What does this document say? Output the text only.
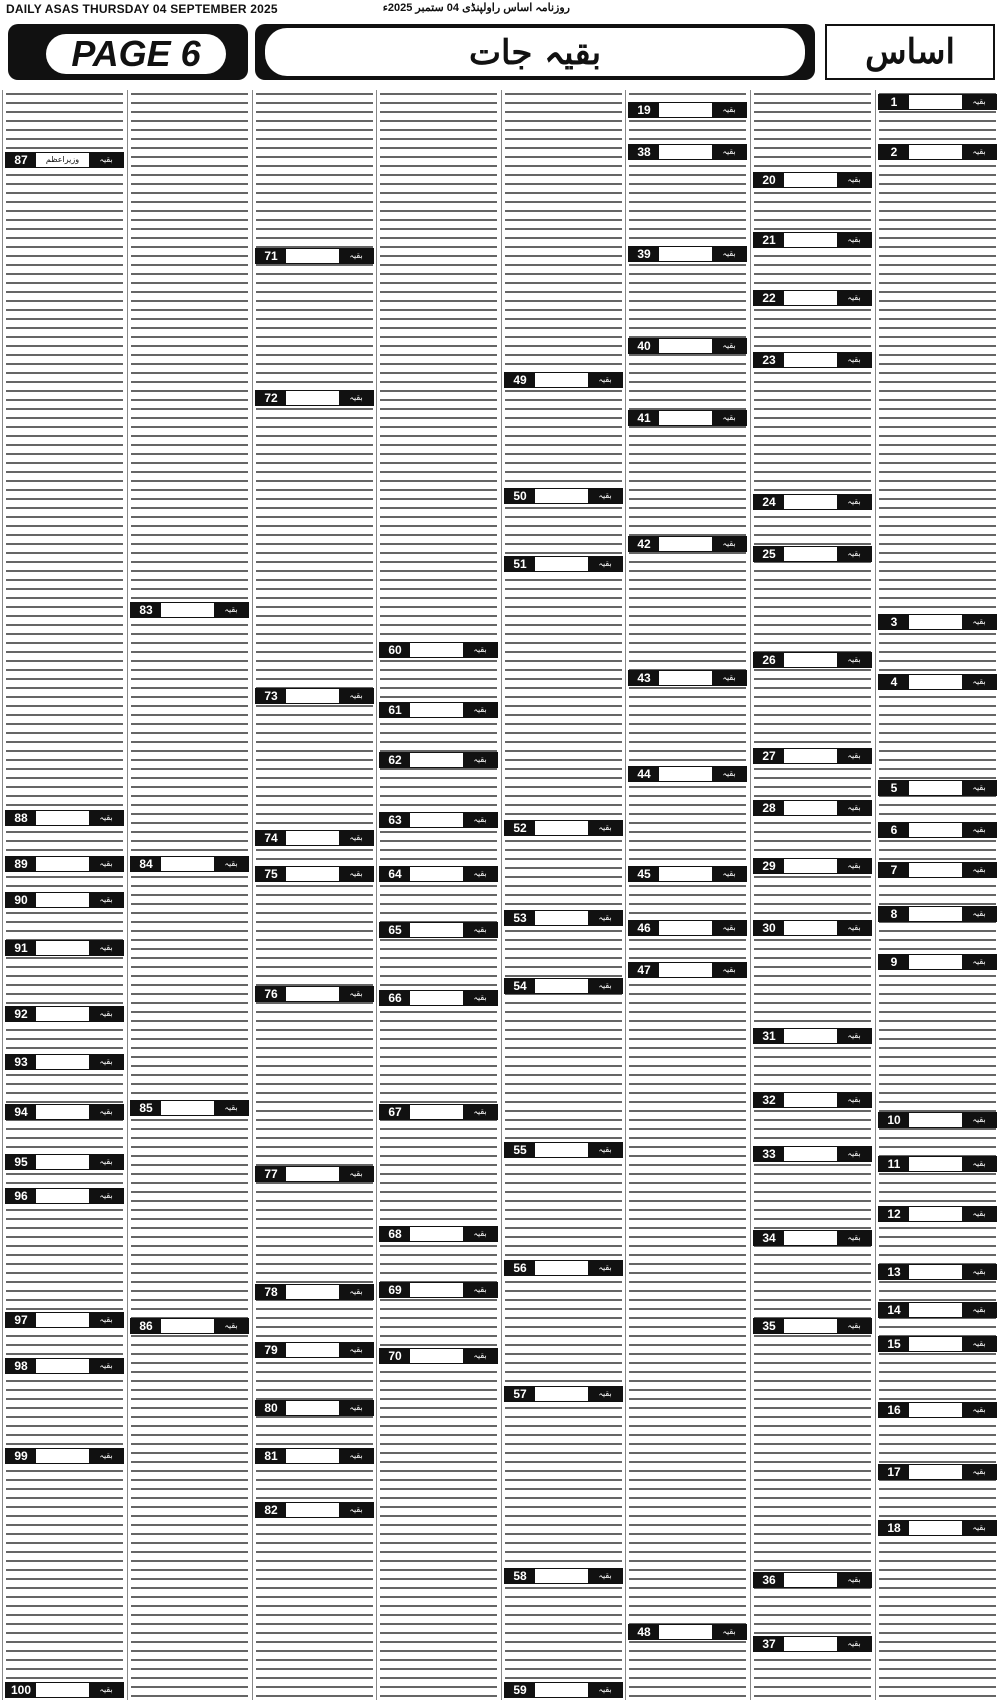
DAILY ASAS THURSDAY 04 SEPTEMBER 2025	روزنامہ اساس راولپنڈی 04 ستمبر 2025ء
PAGE 6	بقیہ جات	اساس
87	وزیراعظم	بقیہ
88	بقیہ
89	بقیہ
90	بقیہ
91	بقیہ
92	بقیہ
93	بقیہ
94	بقیہ
95	بقیہ
96	بقیہ
97	بقیہ
98	بقیہ
99	بقیہ
100	بقیہ
83	بقیہ
84	بقیہ
85	بقیہ
86	بقیہ
71	بقیہ
72	بقیہ
73	بقیہ
74	بقیہ
75	بقیہ
76	بقیہ
77	بقیہ
78	بقیہ
79	بقیہ
80	بقیہ
81	بقیہ
82	بقیہ
60	بقیہ
61	بقیہ
62	بقیہ
63	بقیہ
64	بقیہ
65	بقیہ
66	بقیہ
67	بقیہ
68	بقیہ
69	بقیہ
70	بقیہ
49	بقیہ
50	بقیہ
51	بقیہ
52	بقیہ
53	بقیہ
54	بقیہ
55	بقیہ
56	بقیہ
57	بقیہ
58	بقیہ
59	بقیہ
19	بقیہ
38	بقیہ
39	بقیہ
40	بقیہ
41	بقیہ
42	بقیہ
43	بقیہ
44	بقیہ
45	بقیہ
46	بقیہ
47	بقیہ
48	بقیہ
20	بقیہ
21	بقیہ
22	بقیہ
23	بقیہ
24	بقیہ
25	بقیہ
26	بقیہ
27	بقیہ
28	بقیہ
29	بقیہ
30	بقیہ
31	بقیہ
32	بقیہ
33	بقیہ
34	بقیہ
35	بقیہ
36	بقیہ
37	بقیہ
1	بقیہ
2	بقیہ
3	بقیہ
4	بقیہ
5	بقیہ
6	بقیہ
7	بقیہ
8	بقیہ
9	بقیہ
10	بقیہ
11	بقیہ
12	بقیہ
13	بقیہ
14	بقیہ
15	بقیہ
16	بقیہ
17	بقیہ
18	بقیہ
